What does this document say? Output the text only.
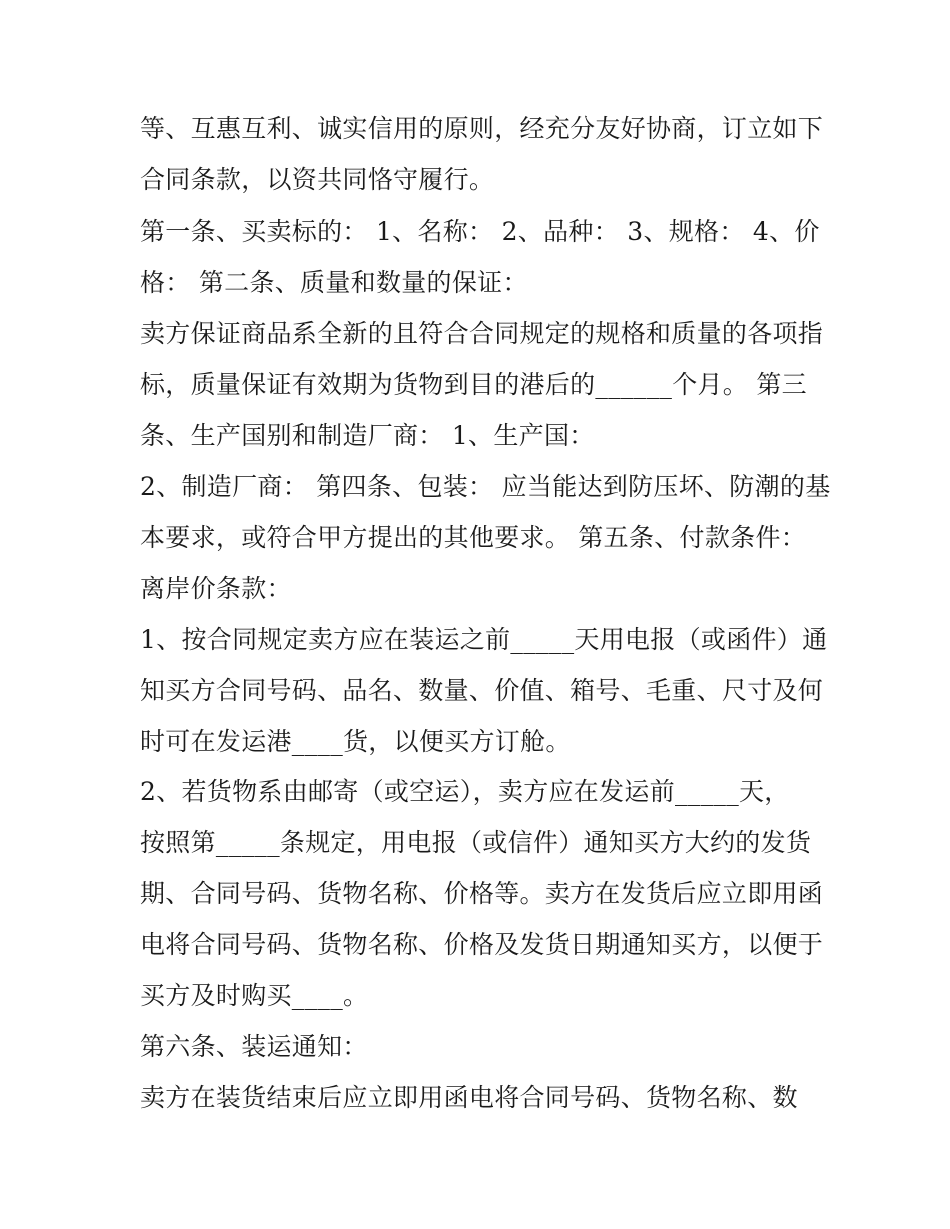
等、互惠互利、诚实信用的原则，经充分友好协商，订立如下
合同条款，以资共同恪守履行。
第一条、买卖标的： 1、名称： 2、品种： 3、规格： 4、价
格： 第二条、质量和数量的保证：
卖方保证商品系全新的且符合合同规定的规格和质量的各项指
标，质量保证有效期为货物到目的港后的______个月。 第三
条、生产国别和制造厂商： 1、生产国：
2、制造厂商： 第四条、包装： 应当能达到防压坏、防潮的基
本要求，或符合甲方提出的其他要求。 第五条、付款条件：
离岸价条款：
1、按合同规定卖方应在装运之前_____天用电报（或函件）通
知买方合同号码、品名、数量、价值、箱号、毛重、尺寸及何
时可在发运港____货，以便买方订舱。
2、若货物系由邮寄（或空运），卖方应在发运前_____天，
按照第_____条规定，用电报（或信件）通知买方大约的发货
期、合同号码、货物名称、价格等。卖方在发货后应立即用函
电将合同号码、货物名称、价格及发货日期通知买方，以便于
买方及时购买____。
第六条、装运通知：
卖方在装货结束后应立即用函电将合同号码、货物名称、数
